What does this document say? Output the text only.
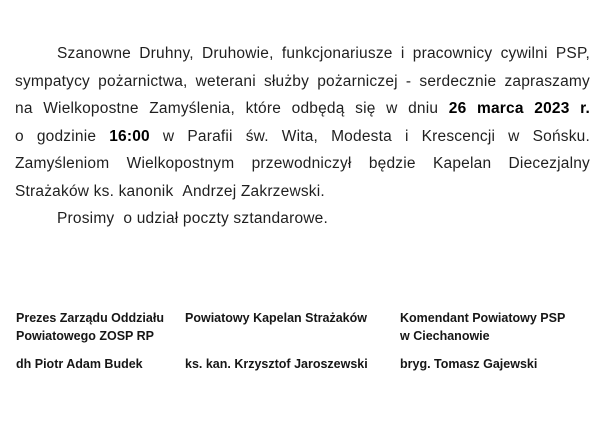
Szanowne Druhny, Druhowie, funkcjonariusze i pracownicy cywilni PSP,
sympatycy pożarnictwa, weterani służby pożarniczej - serdecznie zapraszamy
na Wielkopostne Zamyślenia, które odbędą się w dniu 26 marca 2023 r.
o godzinie 16:00 w Parafii św. Wita, Modesta i Krescencji w Sońsku.
Zamyśleniom Wielkopostnym przewodniczył będzie Kapelan Diecezjalny
Strażaków ks. kanonik  Andrzej Zakrzewski.
Prosimy  o udział poczty sztandarowe.
Prezes Zarządu Oddziału
Powiatowego ZOSP RP
dh Piotr Adam Budek
Powiatowy Kapelan Strażaków
ks. kan. Krzysztof Jaroszewski
Komendant Powiatowy PSP
w Ciechanowie
bryg. Tomasz Gajewski
